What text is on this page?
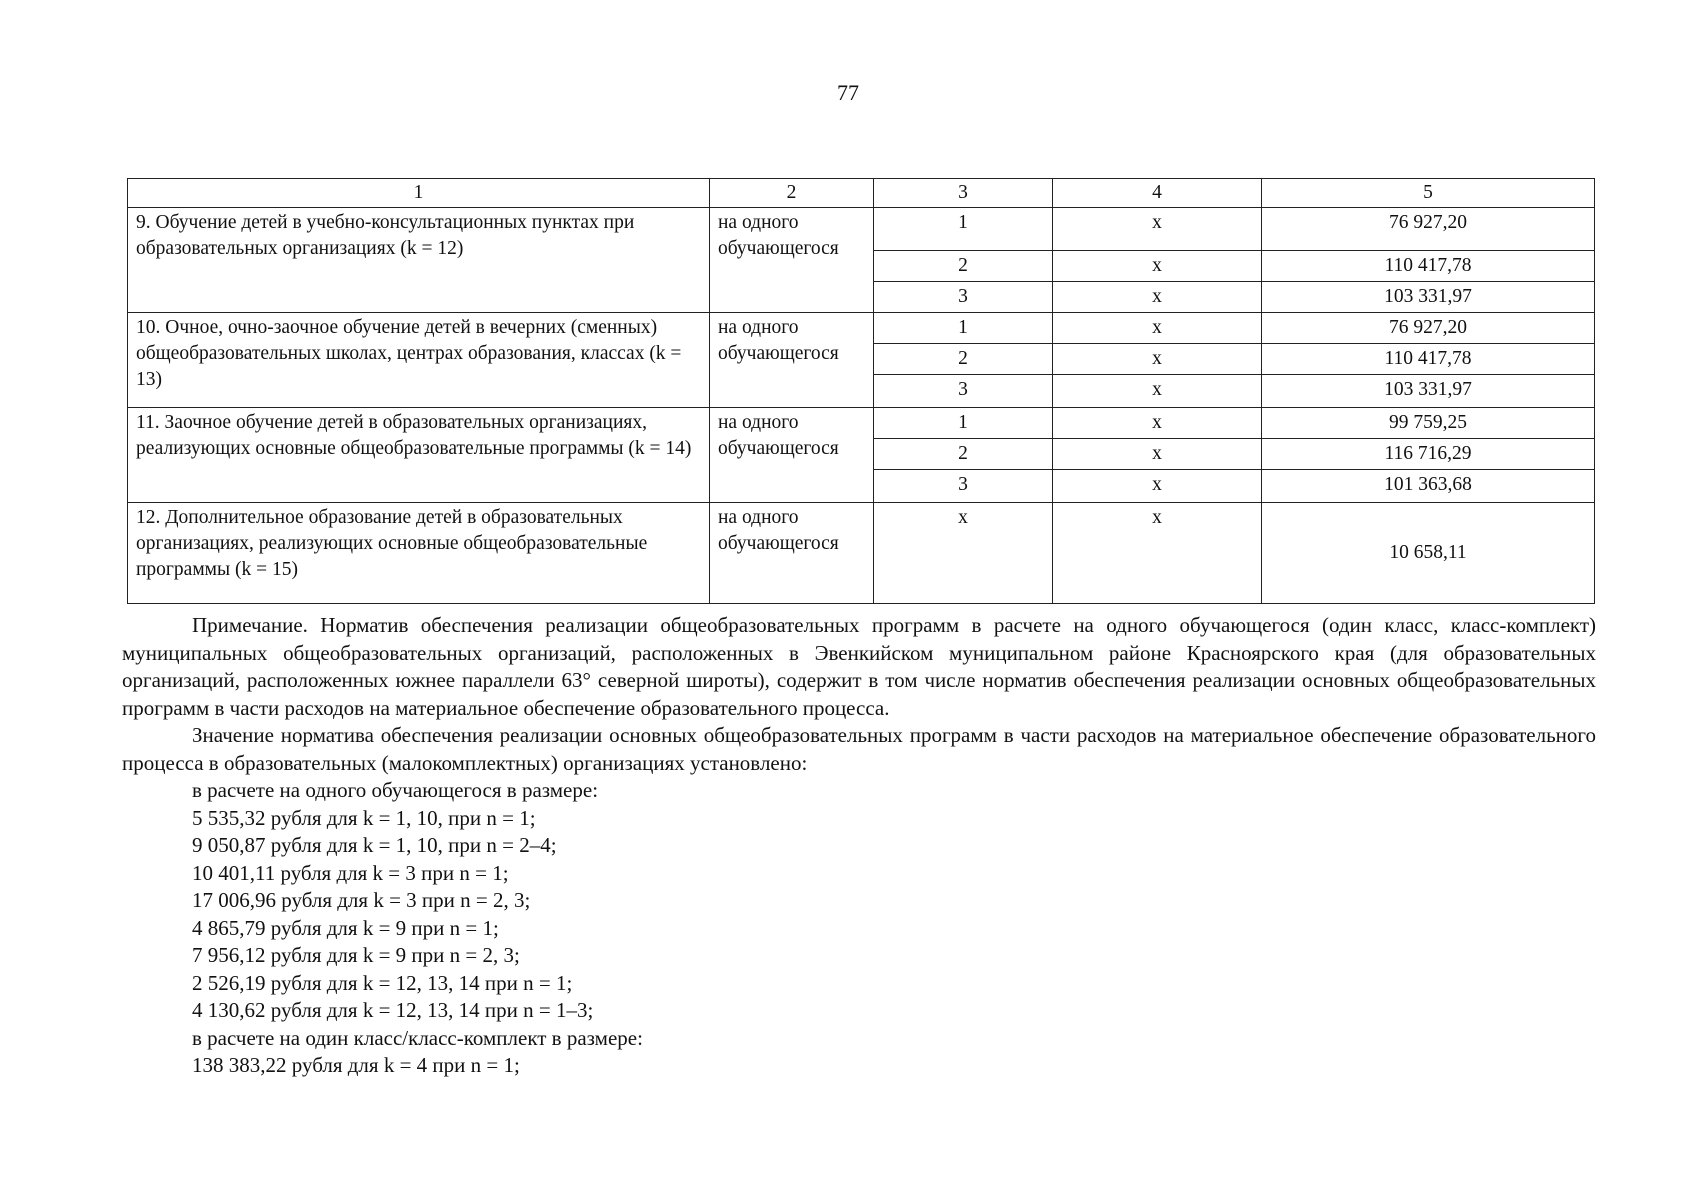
77
1	2	3	4	5
9. Обучение детей в учебно-консультационных пунктах при образовательных организациях (k = 12)	на одного обучающегося	1	x	76 927,20
		2	x	110 417,78
		3	x	103 331,97
10. Очное, очно-заочное обучение детей в вечерних (сменных) общеобразовательных школах, центрах образования, классах (k = 13)	на одного обучающегося	1	x	76 927,20
		2	x	110 417,78
		3	x	103 331,97
11. Заочное обучение детей в образовательных организациях, реализующих основные общеобразовательные программы (k = 14)	на одного обучающегося	1	x	99 759,25
		2	x	116 716,29
		3	x	101 363,68
12. Дополнительное образование детей в образовательных организациях, реализующих основные общеобразовательные программы (k = 15)	на одного обучающегося	x	x	10 658,11

Примечание. Норматив обеспечения реализации общеобразовательных программ в расчете на одного обучающегося (один класс, класс-комплект) муниципальных общеобразовательных организаций, расположенных в Эвенкийском муниципальном районе Красноярского края (для образовательных организаций, расположенных южнее параллели 63° северной широты), содержит в том числе норматив обеспечения реализации основных общеобразовательных программ в части расходов на материальное обеспечение образовательного процесса.

Значение норматива обеспечения реализации основных общеобразовательных программ в части расходов на материальное обеспечение образовательного процесса в образовательных (малокомплектных) организациях установлено:

в расчете на одного обучающегося в размере:
5 535,32 рубля для k = 1, 10, при n = 1;
9 050,87 рубля для k = 1, 10, при n = 2–4;
10 401,11 рубля для k = 3 при n = 1;
17 006,96 рубля для k = 3 при n = 2, 3;
4 865,79 рубля для k = 9 при n = 1;
7 956,12 рубля для k = 9 при n = 2, 3;
2 526,19 рубля для k = 12, 13, 14 при n = 1;
4 130,62 рубля для k = 12, 13, 14 при n = 1–3;
в расчете на один класс/класс-комплект в размере:
138 383,22 рубля для k = 4 при n = 1;
